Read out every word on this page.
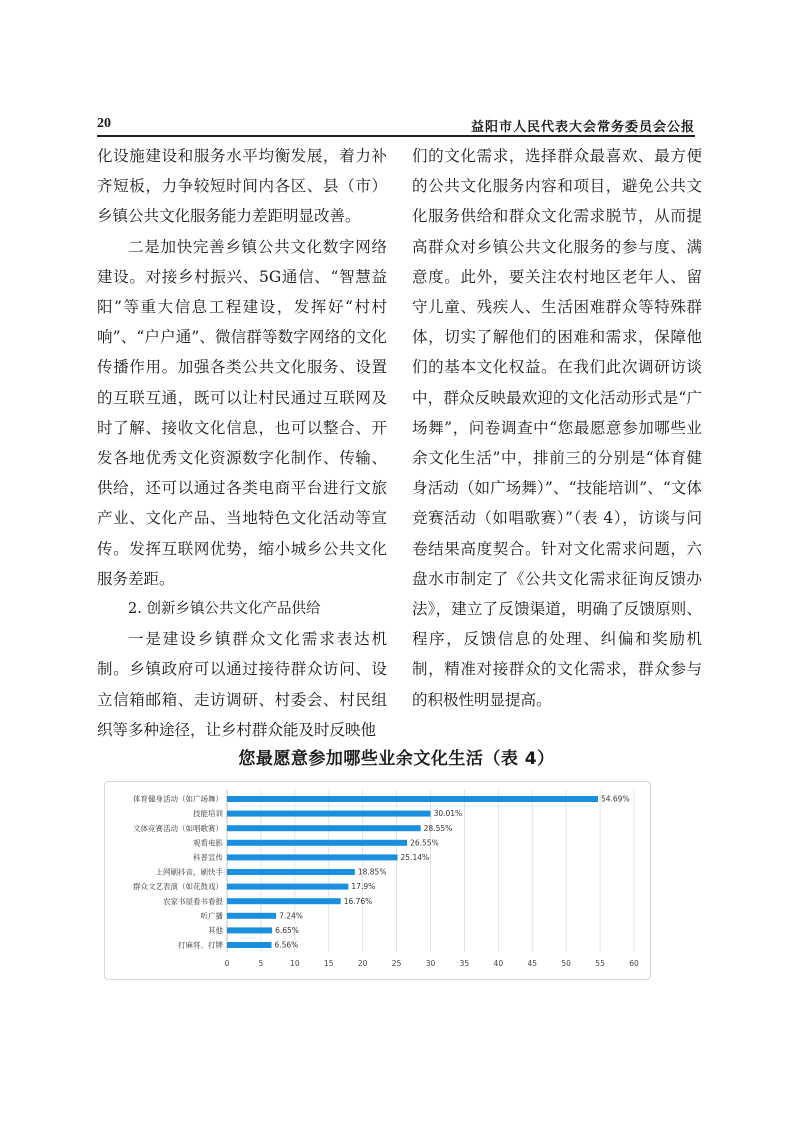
20	益阳市人民代表大会常务委员会公报

化设施建设和服务水平均衡发展，着力补齐短板，力争较短时间内各区、县（市）乡镇公共文化服务能力差距明显改善。

二是加快完善乡镇公共文化数字网络建设。对接乡村振兴、5G通信、“智慧益阳”等重大信息工程建设，发挥好“村村响”、“户户通”、微信群等数字网络的文化传播作用。加强各类公共文化服务、设置的互联互通，既可以让村民通过互联网及时了解、接收文化信息，也可以整合、开发各地优秀文化资源数字化制作、传输、供给，还可以通过各类电商平台进行文旅产业、文化产品、当地特色文化活动等宣传。发挥互联网优势，缩小城乡公共文化服务差距。

2. 创新乡镇公共文化产品供给

一是建设乡镇群众文化需求表达机制。乡镇政府可以通过接待群众访问、设立信箱邮箱、走访调研、村委会、村民组织等多种途径，让乡村群众能及时反映他

们的文化需求，选择群众最喜欢、最方便的公共文化服务内容和项目，避免公共文化服务供给和群众文化需求脱节，从而提高群众对乡镇公共文化服务的参与度、满意度。此外，要关注农村地区老年人、留守儿童、残疾人、生活困难群众等特殊群体，切实了解他们的困难和需求，保障他们的基本文化权益。在我们此次调研访谈中，群众反映最欢迎的文化活动形式是“广场舞”，问卷调查中“您最愿意参加哪些业余文化生活”中，排前三的分别是“体育健身活动（如广场舞）”、“技能培训”、“文体竞赛活动（如唱歌赛）”（表 4），访谈与问卷结果高度契合。针对文化需求问题，六盘水市制定了《公共文化需求征询反馈办法》，建立了反馈渠道，明确了反馈原则、程序，反馈信息的处理、纠偏和奖励机制，精准对接群众的文化需求，群众参与的积极性明显提高。

您最愿意参加哪些业余文化生活（表 4）
0	5	10	15	20	25	30	35	40	45	50	55	60
体育健身活动（如广场舞）	54.69%
技能培训	30.01%
文体竞赛活动（如唱歌赛）	28.55%
观看电影	26.55%
科普宣传	25.14%
上网刷抖音，刷快手	18.85%
群众文艺表演（如花鼓戏）	17.9%
农家书屋看书看报	16.76%
听广播	7.24%
其他	6.65%
打麻将、打牌	6.56%
